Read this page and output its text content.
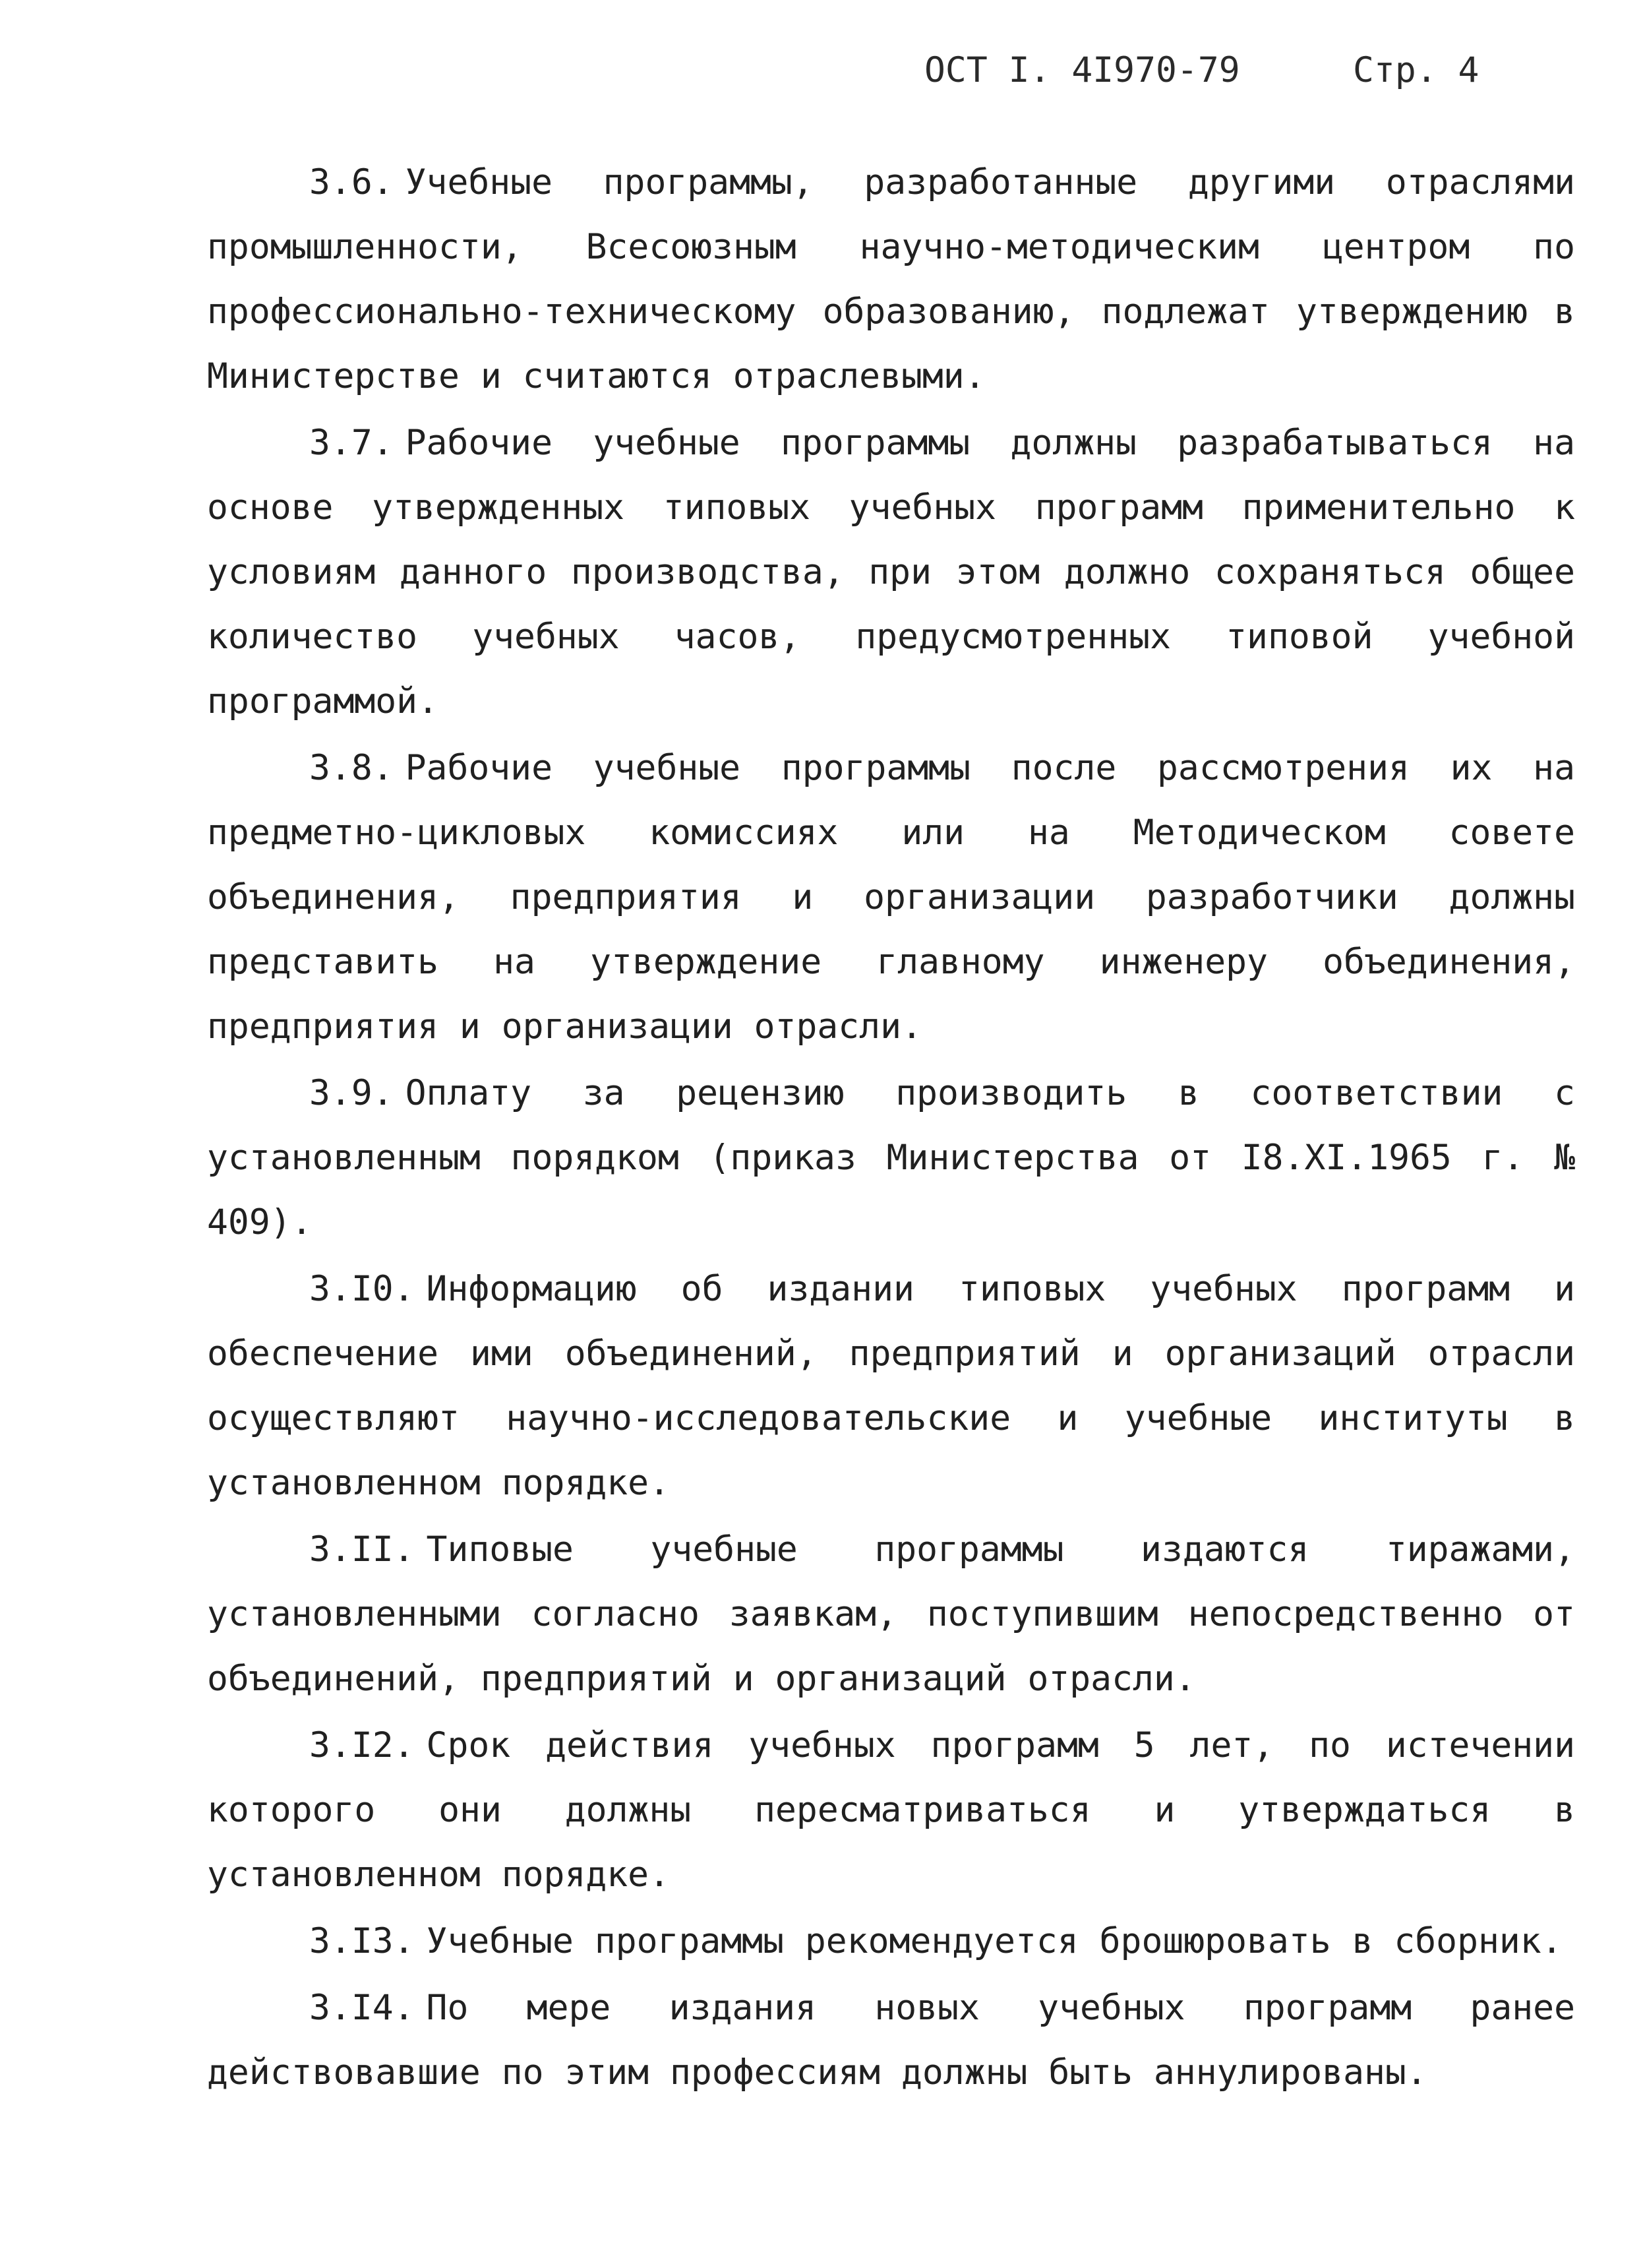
ОСТ I. 4I970-79	Стр. 4

3.6. Учебные программы, разработанные другими отраслями промышленности, Всесоюзным научно-методическим центром по профессионально-техническому образованию, подлежат утверждению в Министерстве и считаются отраслевыми.

3.7. Рабочие учебные программы должны разрабатываться на основе утвержденных типовых учебных программ применительно к условиям данного производства, при этом должно сохраняться общее количество учебных часов, предусмотренных типовой учебной программой.

3.8. Рабочие учебные программы после рассмотрения их на предметно-цикловых комиссиях или на Методическом совете объединения, предприятия и организации разработчики должны представить на утверждение главному инженеру объединения, предприятия и организации отрасли.

3.9. Оплату за рецензию производить в соответствии с установленным порядком (приказ Министерства от I8.XI.1965 г. № 409).

3.I0. Информацию об издании типовых учебных программ и обеспечение ими объединений, предприятий и организаций отрасли осуществляют научно-исследовательские и учебные институты в установленном порядке.

3.II. Типовые учебные программы издаются тиражами, установленными согласно заявкам, поступившим непосредственно от объединений, предприятий и организаций отрасли.

3.I2. Срок действия учебных программ 5 лет, по истечении которого они должны пересматриваться и утверждаться в установленном порядке.

3.I3. Учебные программы рекомендуется брошюровать в сборник.

3.I4. По мере издания новых учебных программ ранее действовавшие по этим профессиям должны быть аннулированы.
